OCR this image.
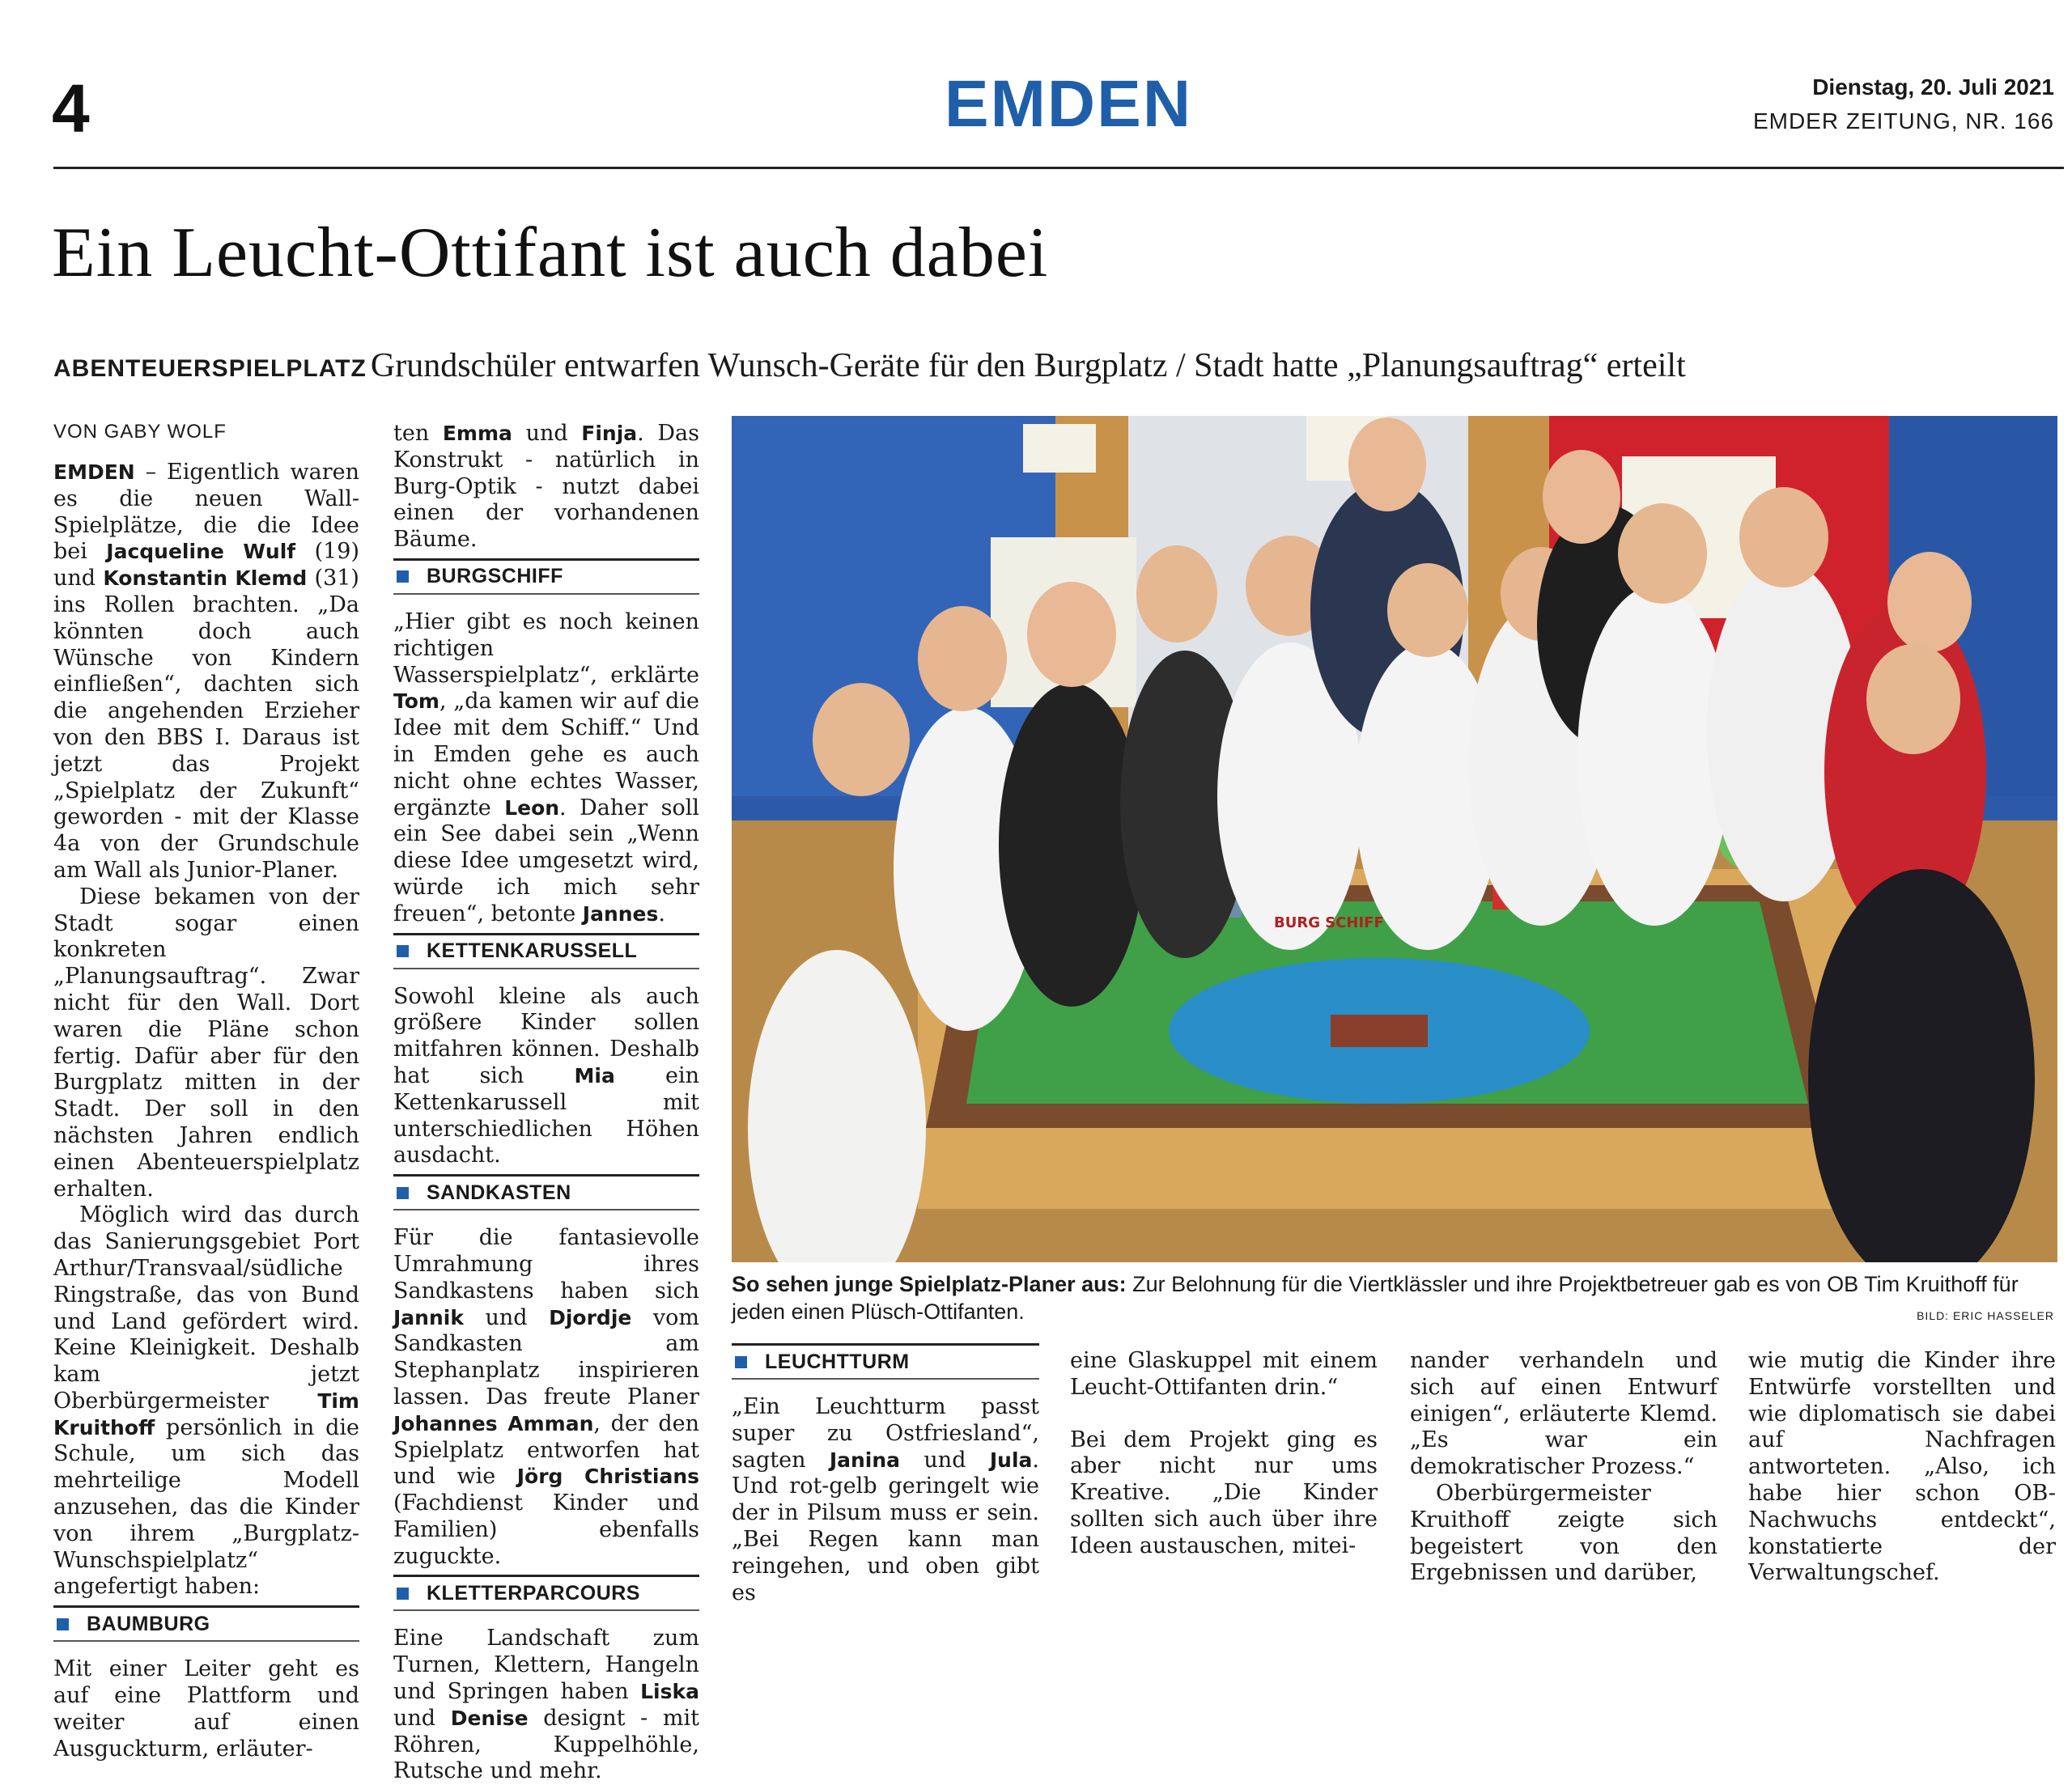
4	EMDEN	Dienstag, 20. Juli 2021
EMDER ZEITUNG, NR. 166
Ein Leucht-Ottifant ist auch dabei
ABENTEUERSPIELPLATZ Grundschüler entwarfen Wunsch-Geräte für den Burgplatz / Stadt hatte „Planungsauftrag“ erteilt
VON GABY WOLF

EMDEN – Eigentlich waren es die neuen Wall-Spielplätze, die die Idee bei Jacqueline Wulf (19) und Konstantin Klemd (31) ins Rollen brachten. „Da könnten doch auch Wünsche von Kindern einfließen“, dachten sich die angehenden Erzieher von den BBS I. Daraus ist jetzt das Projekt „Spielplatz der Zukunft“ geworden - mit der Klasse 4a von der Grundschule am Wall als Junior-Planer.

Diese bekamen von der Stadt sogar einen konkreten „Planungsauftrag“. Zwar nicht für den Wall. Dort waren die Pläne schon fertig. Dafür aber für den Burgplatz mitten in der Stadt. Der soll in den nächsten Jahren endlich einen Abenteuerspielplatz erhalten.

Möglich wird das durch das Sanierungsgebiet Port Arthur/Transvaal/südliche Ringstraße, das von Bund und Land gefördert wird. Keine Kleinigkeit. Deshalb kam jetzt Oberbürgermeister Tim Kruithoff persönlich in die Schule, um sich das mehrteilige Modell anzusehen, das die Kinder von ihrem „Burgplatz-Wunschspielplatz“ angefertigt haben:

BAUMBURG

Mit einer Leiter geht es auf eine Plattform und weiter auf einen Ausguckturm, erläuter-

ten Emma und Finja. Das Konstrukt - natürlich in Burg-Optik - nutzt dabei einen der vorhandenen Bäume.

BURGSCHIFF

„Hier gibt es noch keinen richtigen Wasserspielplatz“, erklärte Tom, „da kamen wir auf die Idee mit dem Schiff.“ Und in Emden gehe es auch nicht ohne echtes Wasser, ergänzte Leon. Daher soll ein See dabei sein „Wenn diese Idee umgesetzt wird, würde ich mich sehr freuen“, betonte Jannes.

KETTENKARUSSELL

Sowohl kleine als auch größere Kinder sollen mitfahren können. Deshalb hat sich Mia ein Kettenkarussell mit unterschiedlichen Höhen ausdacht.

SANDKASTEN

Für die fantasievolle Umrahmung ihres Sandkastens haben sich Jannik und Djordje vom Sandkasten am Stephanplatz inspirieren lassen. Das freute Planer Johannes Amman, der den Spielplatz entworfen hat und wie Jörg Christians (Fachdienst Kinder und Familien) ebenfalls zuguckte.

KLETTERPARCOURS

Eine Landschaft zum Turnen, Klettern, Hangeln und Springen haben Liska und Denise designt - mit Röhren, Kuppelhöhle, Rutsche und mehr.

BURG SCHIFF
So sehen junge Spielplatz-Planer aus: Zur Belohnung für die Viertklässler und ihre Projektbetreuer gab es von OB Tim Kruithoff für jeden einen Plüsch-Ottifanten.	BILD: ERIC HASSELER
LEUCHTTURM

„Ein Leuchtturm passt super zu Ostfriesland“, sagten Janina und Jula. Und rot-gelb geringelt wie der in Pilsum muss er sein. „Bei Regen kann man reingehen, und oben gibt es

eine Glaskuppel mit einem Leucht-Ottifanten drin.“

Bei dem Projekt ging es aber nicht nur ums Kreative. „Die Kinder sollten sich auch über ihre Ideen austauschen, mitei-

nander verhandeln und sich auf einen Entwurf einigen“, erläuterte Klemd. „Es war ein demokratischer Prozess.“

Oberbürgermeister Kruithoff zeigte sich begeistert von den Ergebnissen und darüber,

wie mutig die Kinder ihre Entwürfe vorstellten und wie diplomatisch sie dabei auf Nachfragen antworteten. „Also, ich habe hier schon OB-Nachwuchs entdeckt“, konstatierte der Verwaltungschef.
